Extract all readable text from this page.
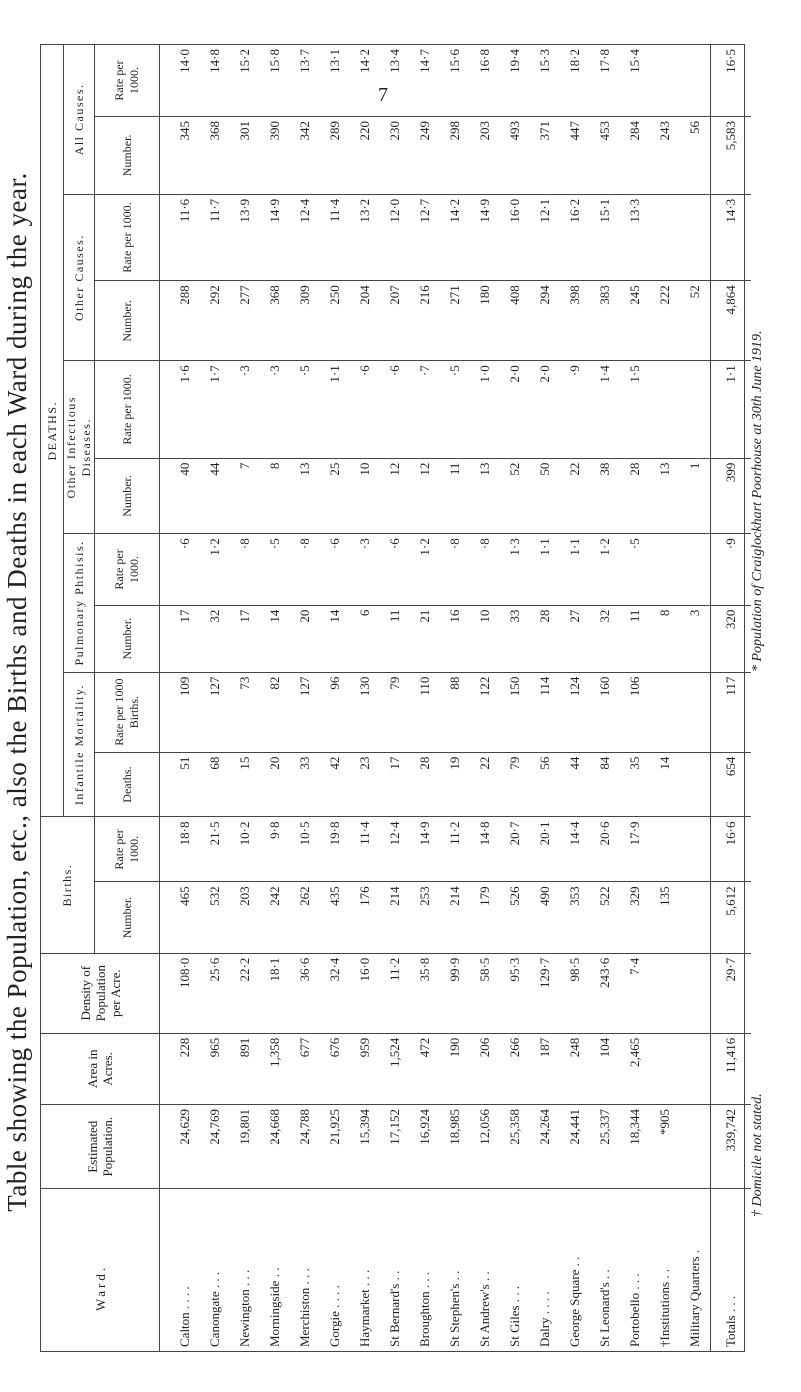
7
Table showing the Population, etc., also the Births and Deaths in each Ward during the year.
Ward.	Estimated Population.	Area in Acres.	Density of Population per Acre.	Births.		DEATHS.									
						Infantile Mortality.		Pulmonary Phthisis.		Other Infectious Diseases.		Other Causes.		All Causes.	
				Number.	Rate per 1000.	Deaths.	Rate per 1000 Births.	Number.	Rate per 1000.	Number.	Rate per 1000.	Number.	Rate per 1000.	Number.	Rate per 1000.

Calton . . . .	24,629	228	108·0	465	18·8	51	109	17	·6	40	1·6	288	11·6	345	14·0
Canongate . . .	24,769	965	25·6	532	21·5	68	127	32	1·2	44	1·7	292	11·7	368	14·8
Newington . . .	19,801	891	22·2	203	10·2	15	73	17	·8	7	·3	277	13·9	301	15·2
Morningside . .	24,668	1,358	18·1	242	9·8	20	82	14	·5	8	·3	368	14·9	390	15·8
Merchiston . . .	24,788	677	36·6	262	10·5	33	127	20	·8	13	·5	309	12·4	342	13·7
Gorgie . . . .	21,925	676	32·4	435	19·8	42	96	14	·6	25	1·1	250	11·4	289	13·1
Haymarket . . .	15,394	959	16·0	176	11·4	23	130	6	·3	10	·6	204	13·2	220	14·2
St Bernard's . .	17,152	1,524	11·2	214	12·4	17	79	11	·6	12	·6	207	12·0	230	13·4
Broughton . . .	16,924	472	35·8	253	14·9	28	110	21	1·2	12	·7	216	12·7	249	14·7
St Stephen's . .	18,985	190	99·9	214	11·2	19	88	16	·8	11	·5	271	14·2	298	15·6
St Andrew's . .	12,056	206	58·5	179	14·8	22	122	10	·8	13	1·0	180	14·9	203	16·8
St Giles . . .	25,358	266	95·3	526	20·7	79	150	33	1·3	52	2·0	408	16·0	493	19·4
Dalry . . . .	24,264	187	129·7	490	20·1	56	114	28	1·1	50	2·0	294	12·1	371	15·3
George Square . .	24,441	248	98·5	353	14·4	44	124	27	1·1	22	·9	398	16·2	447	18·2
St Leonard's . .	25,337	104	243·6	522	20·6	84	160	32	1·2	38	1·4	383	15·1	453	17·8
Portobello . . .	18,344	2,465	7·4	329	17·9	35	106	11	·5	28	1·5	245	13·3	284	15·4
†Institutions . .	*905			135		14		8		13		222		243	
Military Quarters .								3		1		52		56	
Totals . . .	339,742	11,416	29·7	5,612	16·6	654	117	320	·9	399	1·1	4,864	14·3	5,583	16·5
† Domicile not stated.
* Population of Craiglockhart Poorhouse at 30th June 1919.
